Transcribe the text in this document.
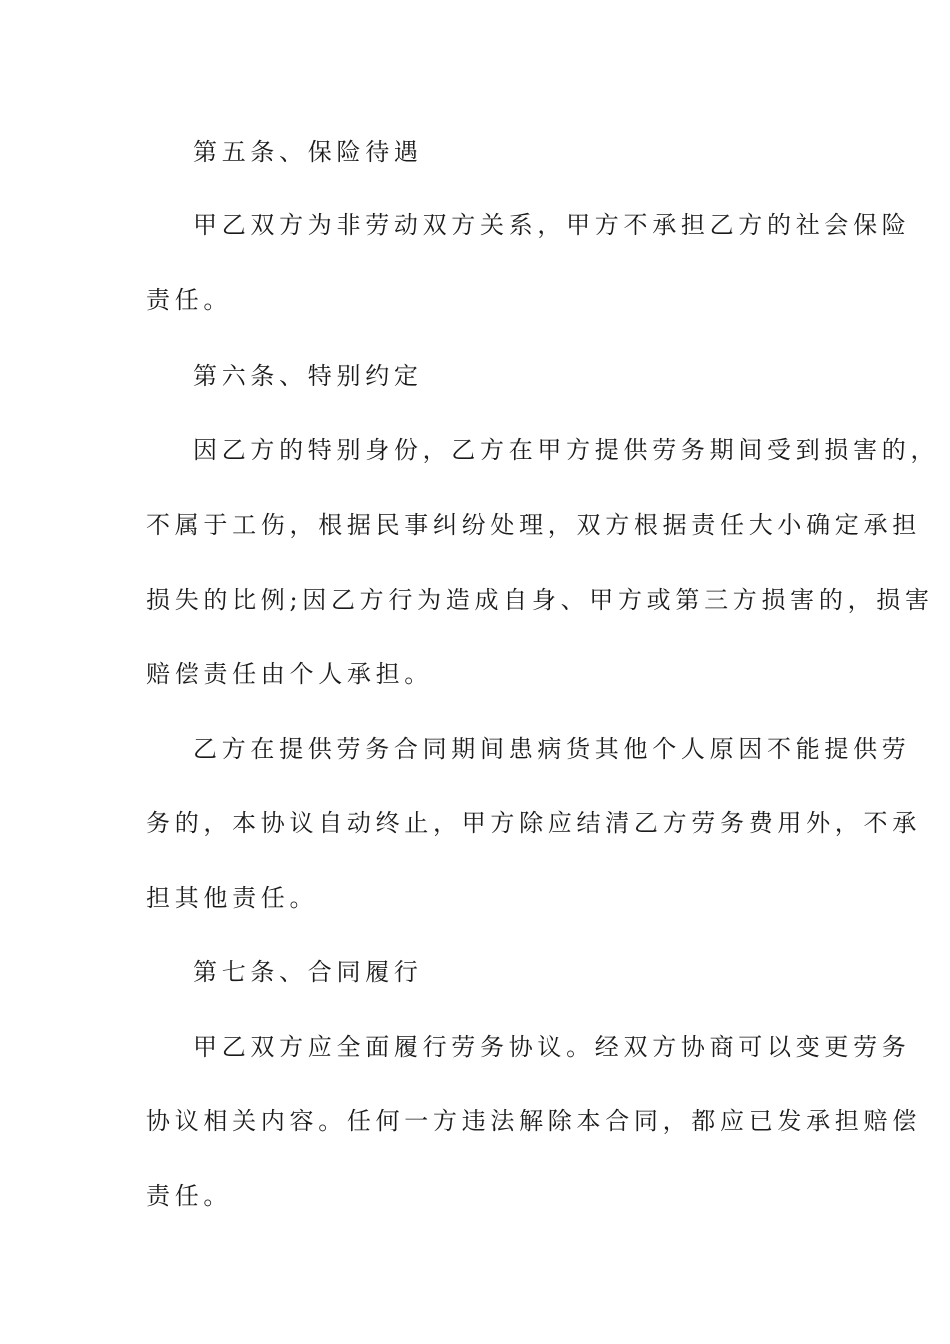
第五条、保险待遇
甲乙双方为非劳动双方关系，甲方不承担乙方的社会保险
责任。
第六条、特别约定
因乙方的特别身份，乙方在甲方提供劳务期间受到损害的，
不属于工伤，根据民事纠纷处理，双方根据责任大小确定承担
损失的比例;因乙方行为造成自身、甲方或第三方损害的，损害
赔偿责任由个人承担。
乙方在提供劳务合同期间患病货其他个人原因不能提供劳
务的，本协议自动终止，甲方除应结清乙方劳务费用外，不承
担其他责任。
第七条、合同履行
甲乙双方应全面履行劳务协议。经双方协商可以变更劳务
协议相关内容。任何一方违法解除本合同，都应已发承担赔偿
责任。
